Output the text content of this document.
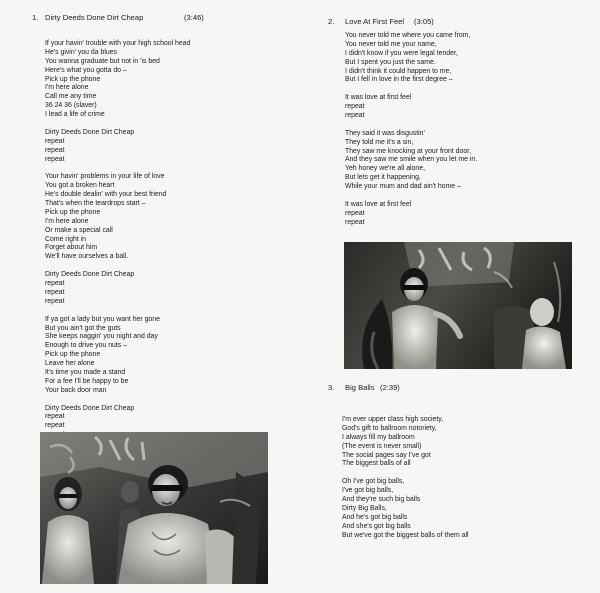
1. Dirty Deeds Done Dirt Cheap	(3:46)
If your havin' trouble with your high school head
He's givin' you da blues
You wanna graduate but not in 'is bed
Here's what you gotta do –
Pick up the phone
I'm here alone
Call me any time
36 24 36 (slaver)
I lead a life of crime
Dirty Deeds Done Dirt Cheap
repeat
repeat
repeat
Your havin' problems in your life of love
You got a broken heart
He's double dealin' with your best friend
That's when the teardrops start –
Pick up the phone
I'm here alone
Or make a special call
Come right in
Forget about him
We'll have ourselves a ball.
Dirty Deeds Done Dirt Cheap
repeat
repeat
repeat
If ya got a lady but you want her gone
But you ain't got the guts
She keeps naggin' you night and day
Enough to drive you nuts –
Pick up the phone
Leave her alone
It's time you made a stand
For a fee I'll be happy to be
Your back door man
Dirty Deeds Done Dirt Cheap
repeat
repeat
2. Love At First Feel (3:05)
You never told me where you came from,
You never told me your name,
I didn't know if you were legal tender,
But I spent you just the same.
I didn't think it could happen to me,
But I fell in love in the first degree –
It was love at first feel
repeat
repeat
They said it was disgustin'
They told me it's a sin,
They saw me knocking at your front door,
And they saw me smile when you let me in.
Yeh honey we're all alone,
But lets get it happening,
While your mum and dad ain't home –
It was love at first feel
repeat
repeat
3. Big Balls (2:39)
I'm ever upper class high society,
God's gift to ballroom notoriety,
I always fill my ballroom
(The event is never small)
The social pages say I've got
The biggest balls of all
Oh I've got big balls,
I've got big balls,
And they're such big balls
Dirty Big Balls,
And he's got big balls
And she's got big balls
But we've got the biggest balls of them all
